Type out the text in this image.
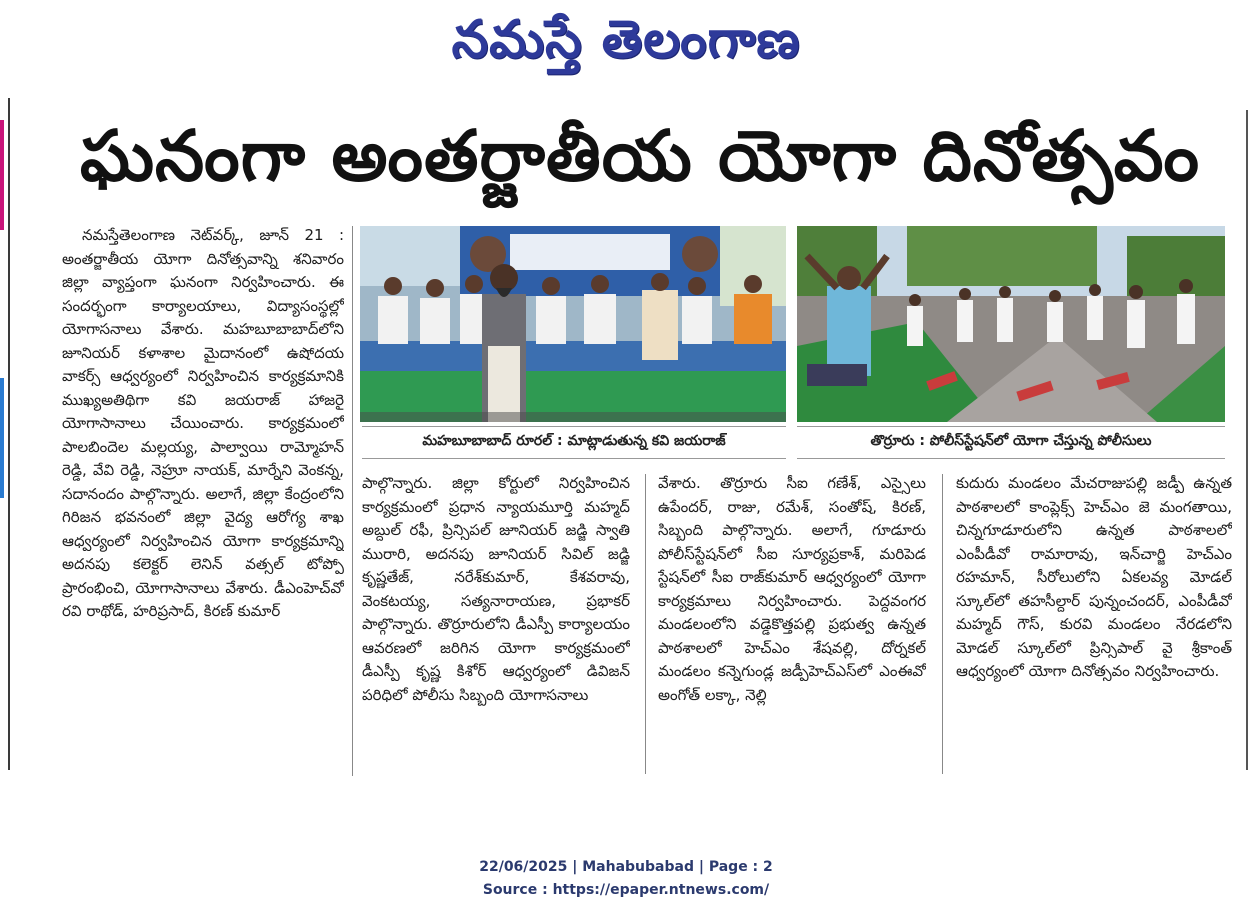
నమస్తే తెలంగాణ
ఘనంగా అంతర్జాతీయ యోగా దినోత్సవం
నమస్తేతెలంగాణ నెట్‌వర్క్, జూన్ 21 : అంతర్జాతీయ యోగా దినోత్సవాన్ని శనివారం జిల్లా వ్యాప్తంగా ఘనంగా నిర్వహించారు. ఈ సందర్భంగా కార్యాలయాలు, విద్యాసంస్థల్లో యోగాసనాలు వేశారు. మహబూబాబాద్‌లోని జూనియర్ కళాశాల మైదానంలో ఉషోదయ వాకర్స్ ఆధ్వర్యంలో నిర్వహించిన కార్యక్రమానికి ముఖ్యఅతిథిగా కవి జయరాజ్ హాజరై యోగాసానాలు చేయించారు. కార్యక్రమంలో పాలబిందెల మల్లయ్య, పాల్వాయి రామ్మోహన్ రెడ్డి, వేవి రెడ్డి, నెహ్రూ నాయక్, మార్నేని వెంకన్న, సదానందం పాల్గొన్నారు. అలాగే, జిల్లా కేంద్రంలోని గిరిజన భవనంలో జిల్లా వైద్య ఆరోగ్య శాఖ ఆధ్వర్యంలో నిర్వహించిన యోగా కార్యక్రమాన్ని అదనపు కలెక్టర్ లెనిన్ వత్సల్ టోప్పో ప్రారంభించి, యోగాసానాలు వేశారు. డీఎంహెచ్‌వో రవి రాథోడ్, హరిప్రసాద్, కిరణ్ కుమార్
మహబూబాబాద్ రూరల్ : మాట్లాడుతున్న కవి జయరాజ్	తొర్రూరు : పోలీస్‌స్టేషన్‌లో యోగా చేస్తున్న పోలీసులు
పాల్గొన్నారు. జిల్లా కోర్టులో నిర్వహించిన కార్యక్రమంలో ప్రధాన న్యాయమూర్తి మహ్మద్ అబ్దుల్ రఫీ, ప్రిన్సిపల్ జూనియర్ జడ్జి స్వాతి మురారి, అదనపు జూనియర్ సివిల్ జడ్జి కృష్ణతేజ్, నరేశ్‌కుమార్, కేశవరావు, వెంకటయ్య, సత్యనారాయణ, ప్రభాకర్ పాల్గొన్నారు. తొర్రూరులోని డీఎస్పీ కార్యాలయం ఆవరణలో జరిగిన యోగా కార్యక్రమంలో డీఎస్పీ కృష్ణ కిశోర్ ఆధ్వర్యంలో డివిజన్ పరిధిలో పోలీసు సిబ్బంది యోగాసనాలు
వేశారు. తొర్రూరు సీఐ గణేశ్, ఎస్సైలు ఉపేందర్, రాజు, రమేశ్, సంతోష్, కిరణ్, సిబ్బంది పాల్గొన్నారు. అలాగే, గూడూరు పోలీస్‌స్టేషన్‌లో సీఐ సూర్యప్రకాశ్, మరిపెడ స్టేషన్‌లో సీఐ రాజ్‌కుమార్ ఆధ్వర్యంలో యోగా కార్యక్రమాలు నిర్వహించారు. పెద్దవంగర మండలంలోని వడ్డెకొత్తపల్లి ప్రభుత్వ ఉన్నత పాఠశాలలో హెచ్‌ఎం శేషవల్లి, దోర్నకల్ మండలం కన్నెగుండ్ల జడ్పీహెచ్ఎస్‌లో ఎంఈవో అంగోత్ లక్కా, నెల్లి
కుదురు మండలం మేచరాజుపల్లి జడ్పీ ఉన్నత పాఠశాలలో కాంప్లెక్స్ హెచ్‌ఎం జె మంగతాయి, చిన్నగూడూరులోని ఉన్నత పాఠశాలలో ఎంపీడీవో రామారావు, ఇన్‌చార్జి హెచ్‌ఎం రహమాన్, సీరోలులోని ఏకలవ్య మోడల్ స్కూల్‌లో తహసీల్దార్ పున్నంచందర్, ఎంపీడీవో మహ్మద్ గౌస్, కురవి మండలం నేరడలోని మోడల్ స్కూల్‌లో ప్రిన్సిపాల్ వై శ్రీకాంత్ ఆధ్వర్యంలో యోగా దినోత్సవం నిర్వహించారు.
22/06/2025 | Mahabubabad | Page : 2
Source : https://epaper.ntnews.com/
